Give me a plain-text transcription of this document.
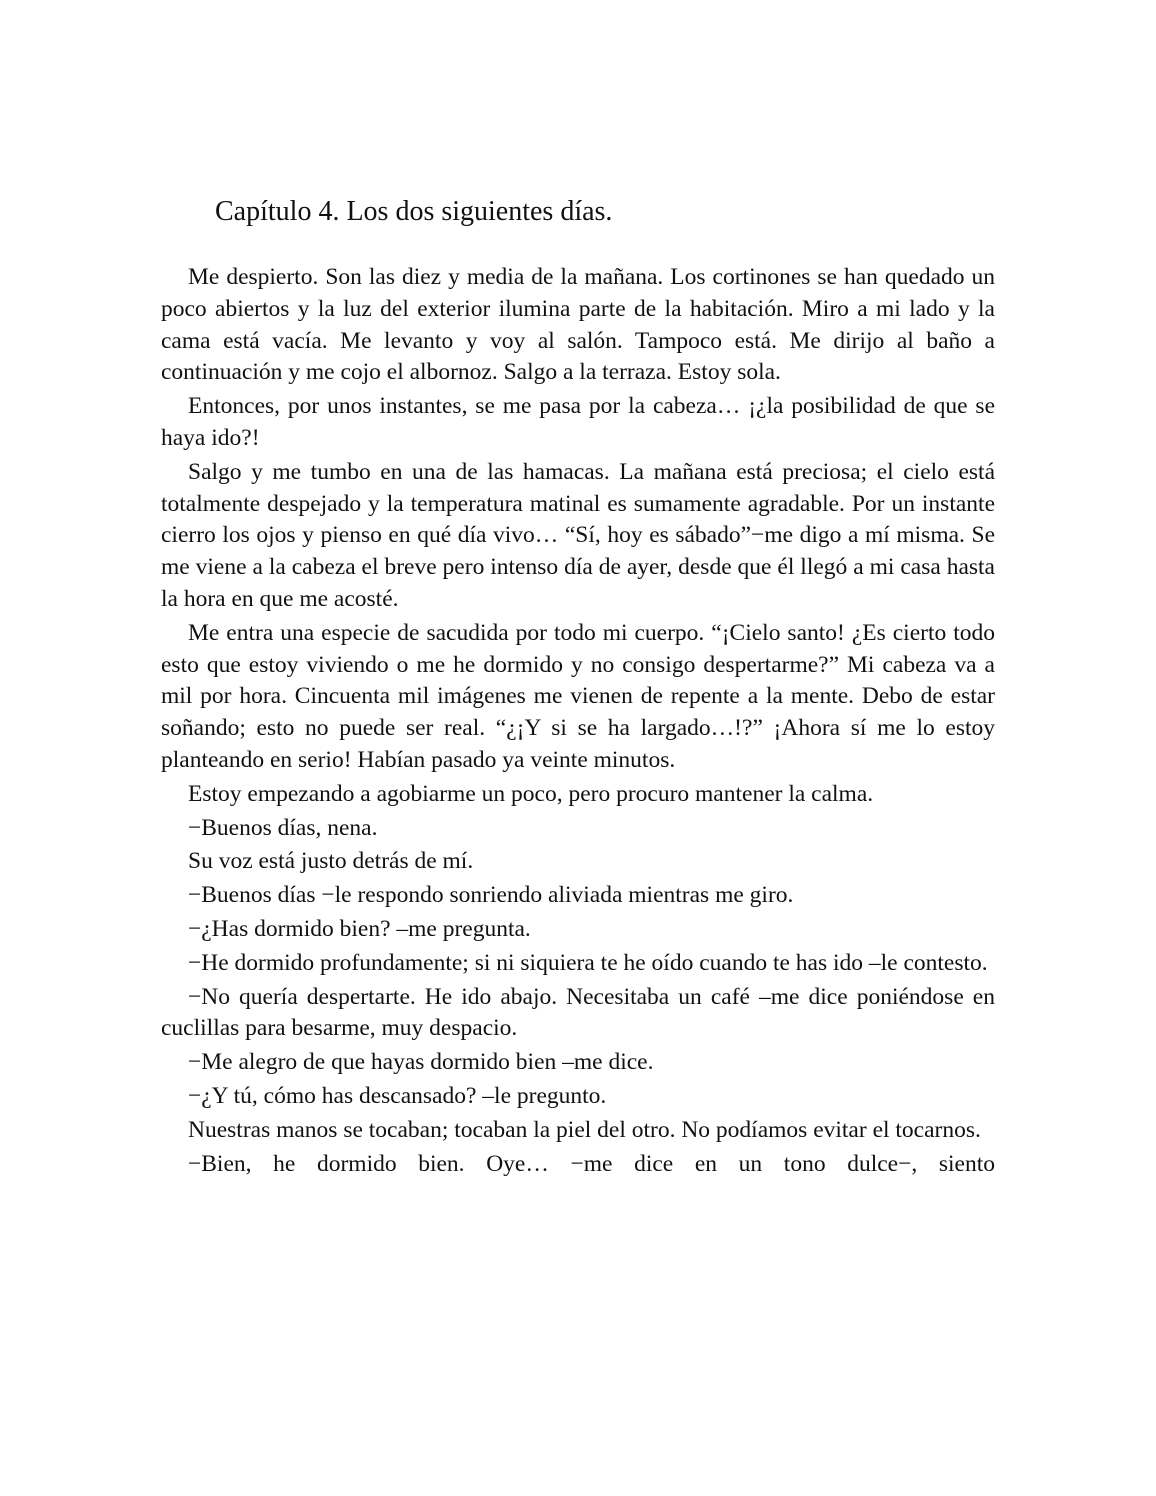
Capítulo 4. Los dos siguientes días.

Me despierto. Son las diez y media de la mañana. Los cortinones se han quedado un poco abiertos y la luz del exterior ilumina parte de la habitación. Miro a mi lado y la cama está vacía. Me levanto y voy al salón. Tampoco está. Me dirijo al baño a continuación y me cojo el albornoz. Salgo a la terraza. Estoy sola.

Entonces, por unos instantes, se me pasa por la cabeza… ¡¿la posibilidad de que se haya ido?!

Salgo y me tumbo en una de las hamacas. La mañana está preciosa; el cielo está totalmente despejado y la temperatura matinal es sumamente agradable. Por un instante cierro los ojos y pienso en qué día vivo… “Sí, hoy es sábado”−me digo a mí misma. Se me viene a la cabeza el breve pero intenso día de ayer, desde que él llegó a mi casa hasta la hora en que me acosté.

Me entra una especie de sacudida por todo mi cuerpo. “¡Cielo santo! ¿Es cierto todo esto que estoy viviendo o me he dormido y no consigo despertarme?” Mi cabeza va a mil por hora. Cincuenta mil imágenes me vienen de repente a la mente. Debo de estar soñando; esto no puede ser real. “¿¡Y si se ha largado…!?” ¡Ahora sí me lo estoy planteando en serio! Habían pasado ya veinte minutos.

Estoy empezando a agobiarme un poco, pero procuro mantener la calma.

−Buenos días, nena.

Su voz está justo detrás de mí.

−Buenos días −le respondo sonriendo aliviada mientras me giro.

−¿Has dormido bien? –me pregunta.

−He dormido profundamente; si ni siquiera te he oído cuando te has ido –le contesto.

−No quería despertarte. He ido abajo. Necesitaba un café –me dice poniéndose en cuclillas para besarme, muy despacio.

−Me alegro de que hayas dormido bien –me dice.

−¿Y tú, cómo has descansado? –le pregunto.

Nuestras manos se tocaban; tocaban la piel del otro. No podíamos evitar el tocarnos.

−Bien, he dormido bien. Oye… −me dice en un tono dulce−, siento
